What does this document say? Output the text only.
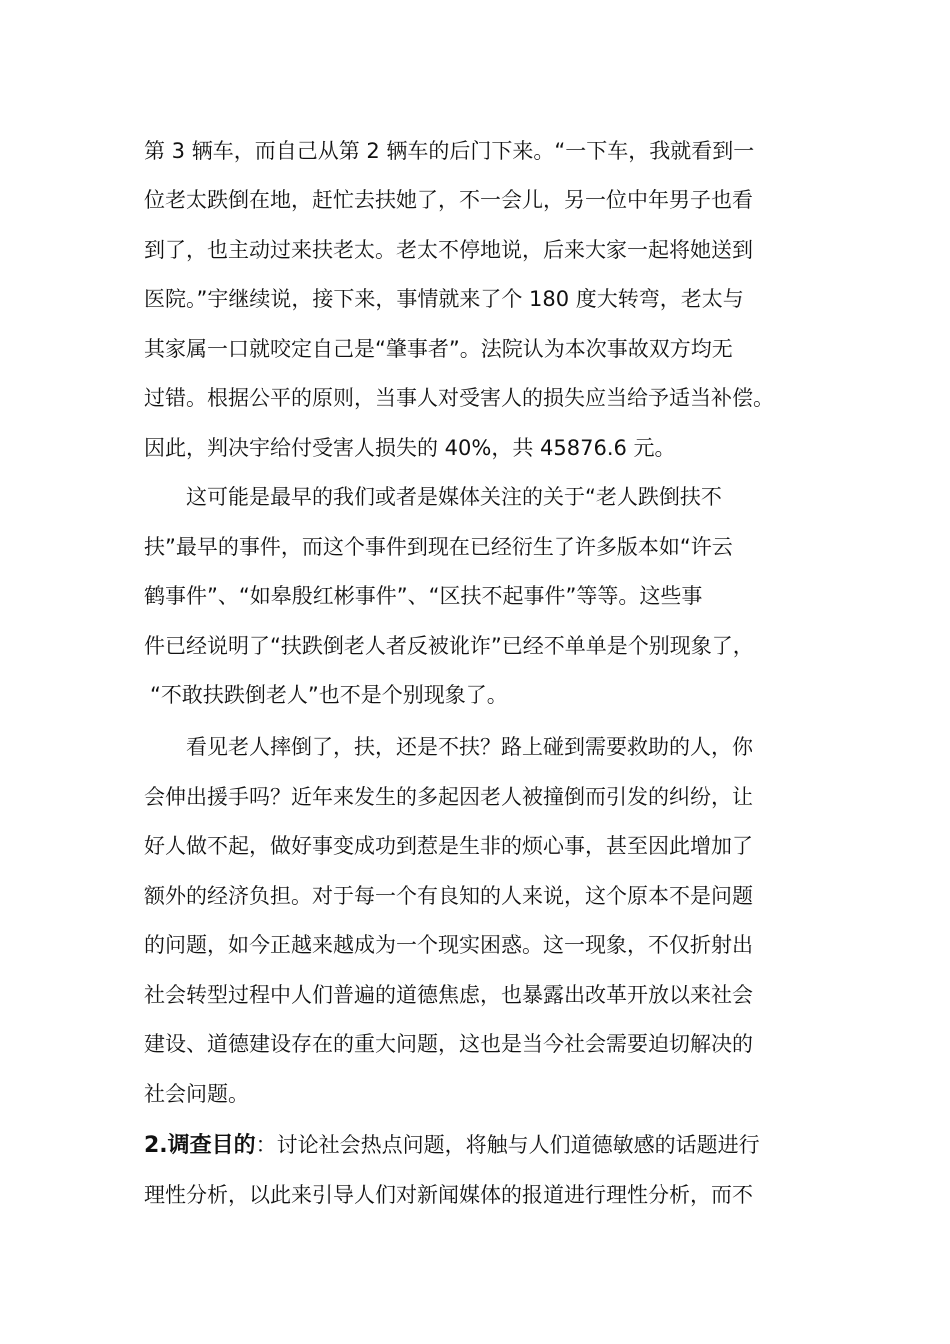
第 3 辆车，而自己从第 2 辆车的后门下来。“一下车，我就看到一
位老太跌倒在地，赶忙去扶她了，不一会儿，另一位中年男子也看
到了，也主动过来扶老太。老太不停地说，后来大家一起将她送到
医院。”宇继续说，接下来，事情就来了个 180 度大转弯，老太与
其家属一口就咬定自己是“肇事者”。法院认为本次事故双方均无
过错。根据公平的原则，当事人对受害人的损失应当给予适当补偿。
因此，判决宇给付受害人损失的 40%，共 45876.6 元。
这可能是最早的我们或者是媒体关注的关于“老人跌倒扶不
扶”最早的事件，而这个事件到现在已经衍生了许多版本如“许云
鹤事件”、“如皋殷红彬事件”、“区扶不起事件”等等。这些事
件已经说明了“扶跌倒老人者反被讹诈”已经不单单是个别现象了，
“不敢扶跌倒老人”也不是个别现象了。
看见老人摔倒了，扶，还是不扶？路上碰到需要救助的人，你
会伸出援手吗？近年来发生的多起因老人被撞倒而引发的纠纷，让
好人做不起，做好事变成功到惹是生非的烦心事，甚至因此增加了
额外的经济负担。对于每一个有良知的人来说，这个原本不是问题
的问题，如今正越来越成为一个现实困惑。这一现象，不仅折射出
社会转型过程中人们普遍的道德焦虑，也暴露出改革开放以来社会
建设、道德建设存在的重大问题，这也是当今社会需要迫切解决的
社会问题。
2.调查目的：讨论社会热点问题，将触与人们道德敏感的话题进行
理性分析，以此来引导人们对新闻媒体的报道进行理性分析，而不
